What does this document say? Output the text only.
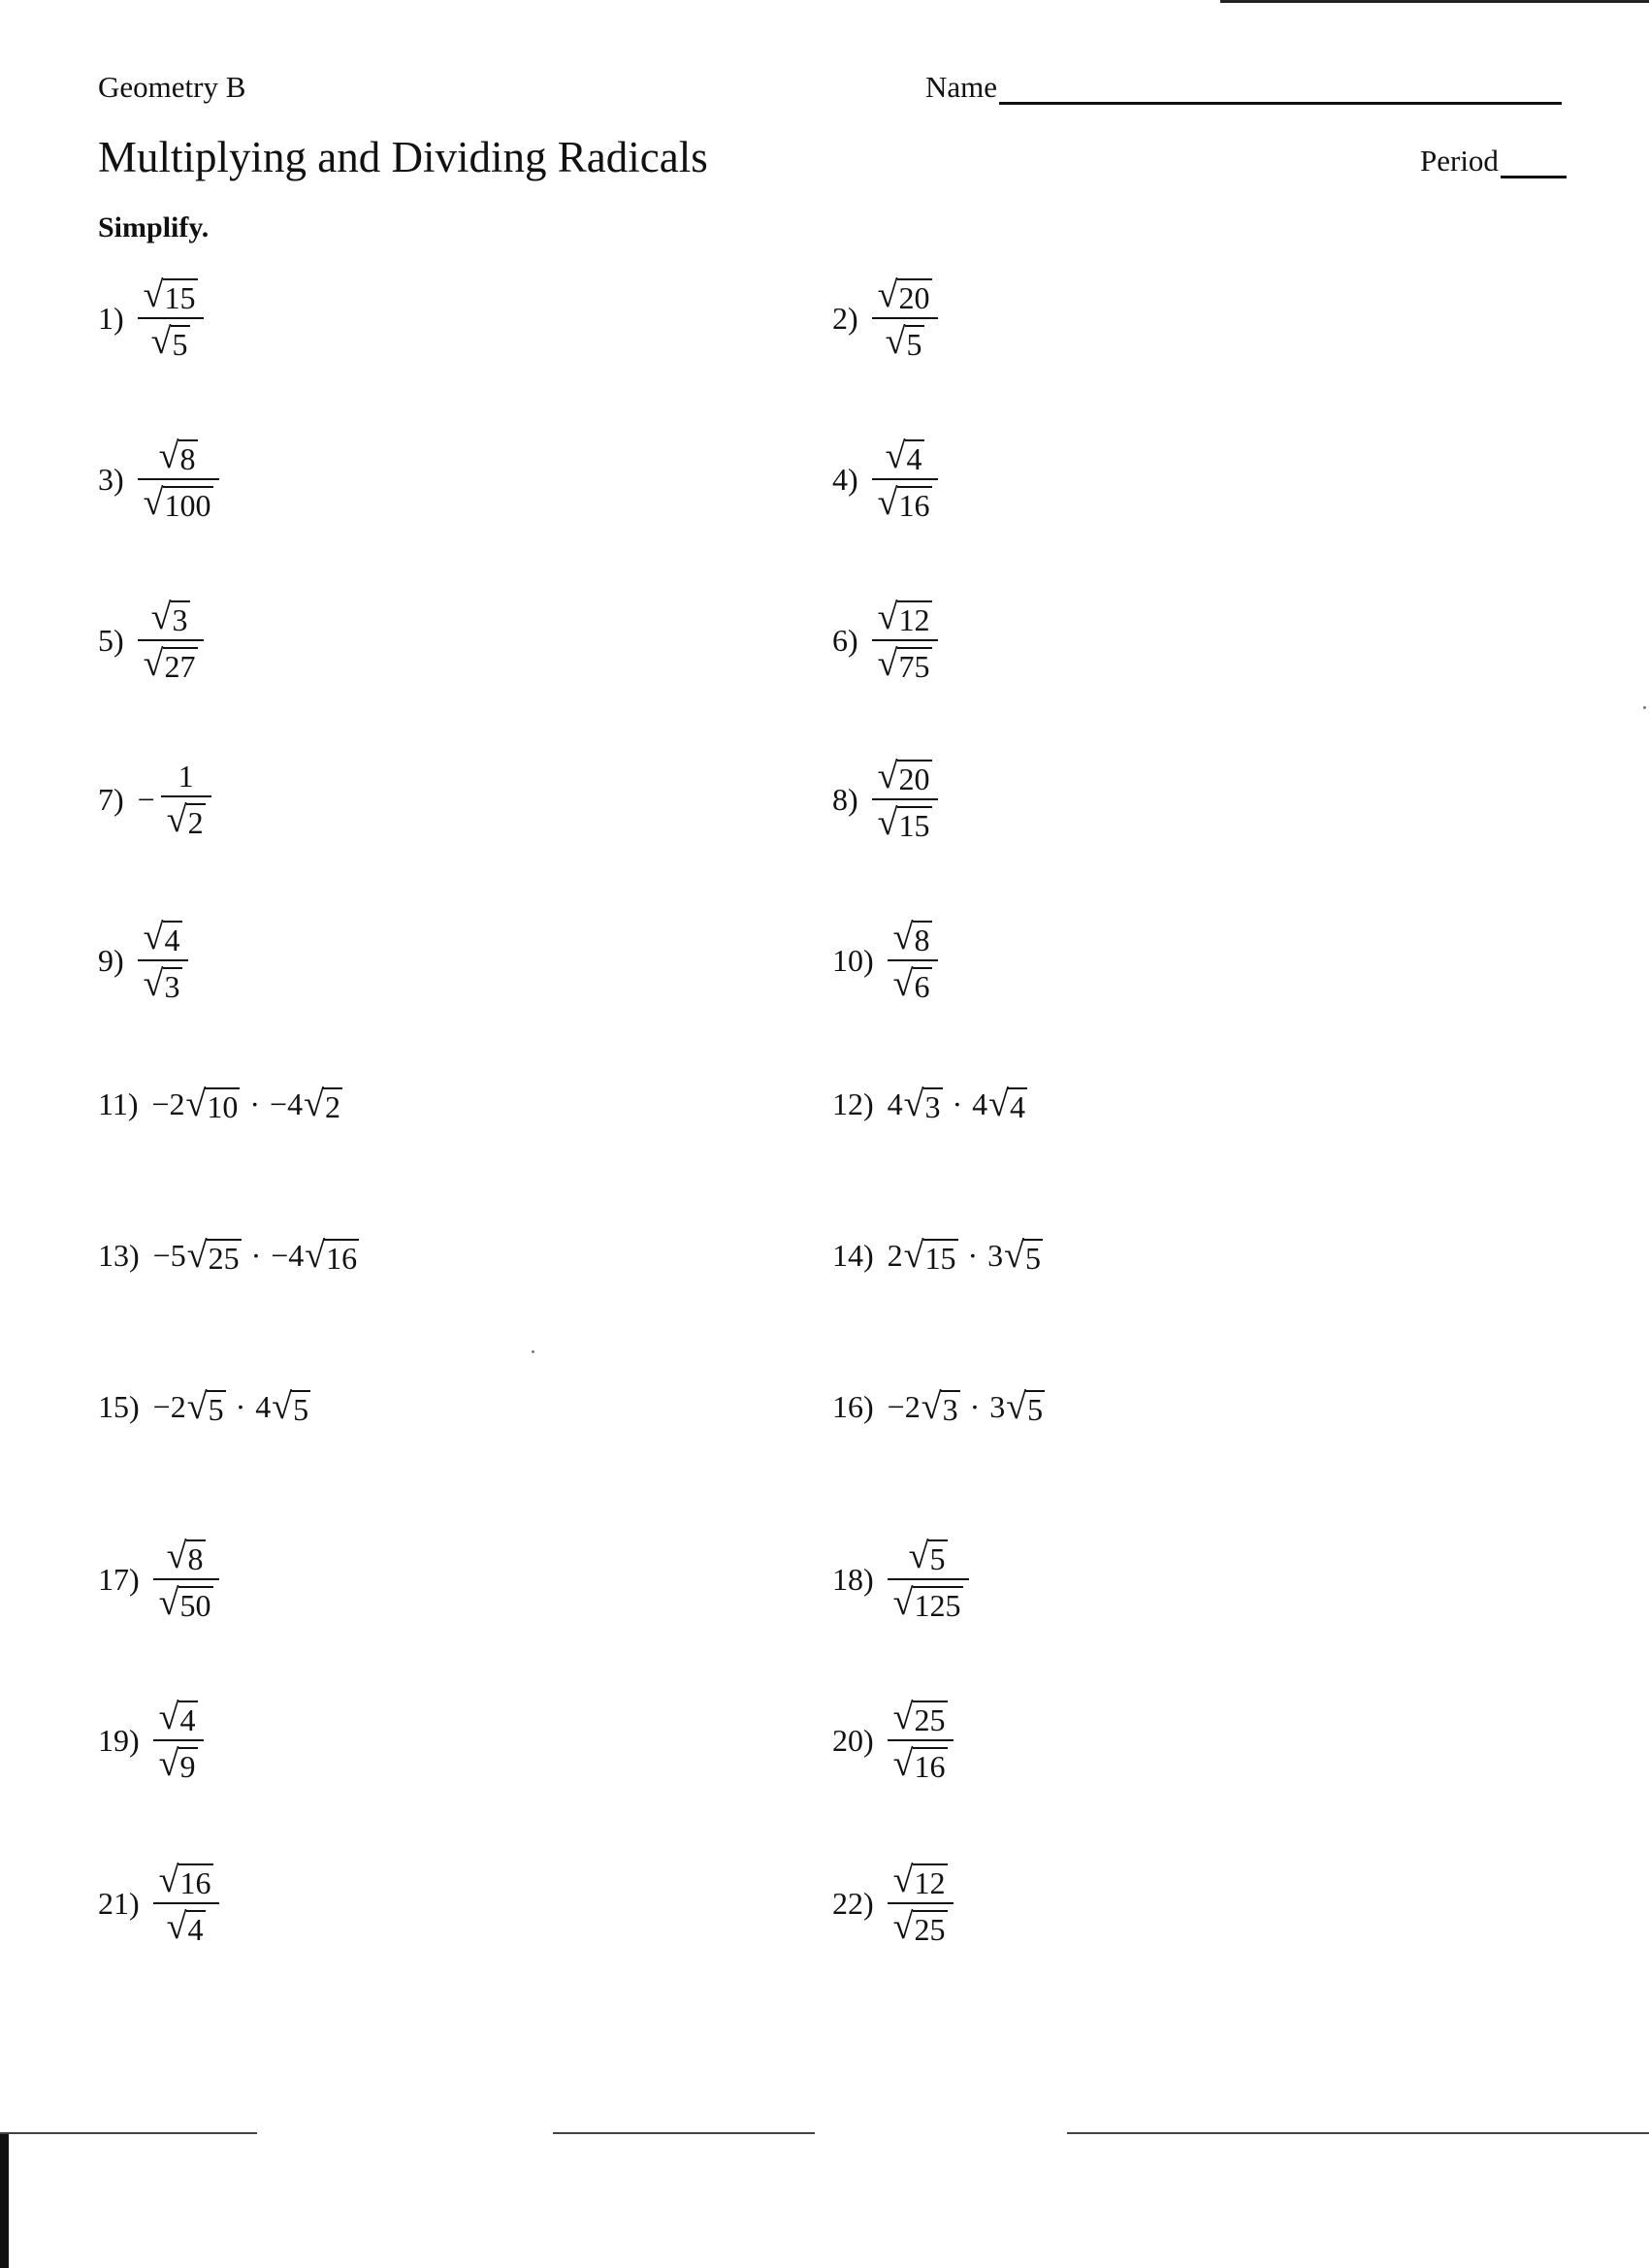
Geometry B	Name
Multiplying and Dividing Radicals	Period
Simplify.
$1) \frac{√ 15}{√ 5}$	$2) \frac{√ 20}{√ 5}$
$3) \frac{√ 8}{√ 100}$	$4) \frac{√ 4}{√ 16}$
$5) \frac{√ 3}{√ 27}$	$6) \frac{√ 12}{√ 75}$
$7) - \frac{1}{√ 2}$	$8) \frac{√ 20}{√ 15}$
$9) \frac{√ 4}{√ 3}$	$10) \frac{√ 8}{√ 6}$
11) −2 √ 10 · −4 √ 2	12) 4 √ 3 · 4 √ 4
13) −5 √ 25 · −4 √ 16	14) 2 √ 15 · 3 √ 5
15) −2 √ 5 · 4 √ 5	16) −2 √ 3 · 3 √ 5
$17) \frac{√ 8}{√ 50}$	$18) \frac{√ 5}{√ 125}$
$19) \frac{√ 4}{√ 9}$	$20) \frac{√ 25}{√ 16}$
$21) \frac{√ 16}{√ 4}$	$22) \frac{√ 12}{√ 25}$
